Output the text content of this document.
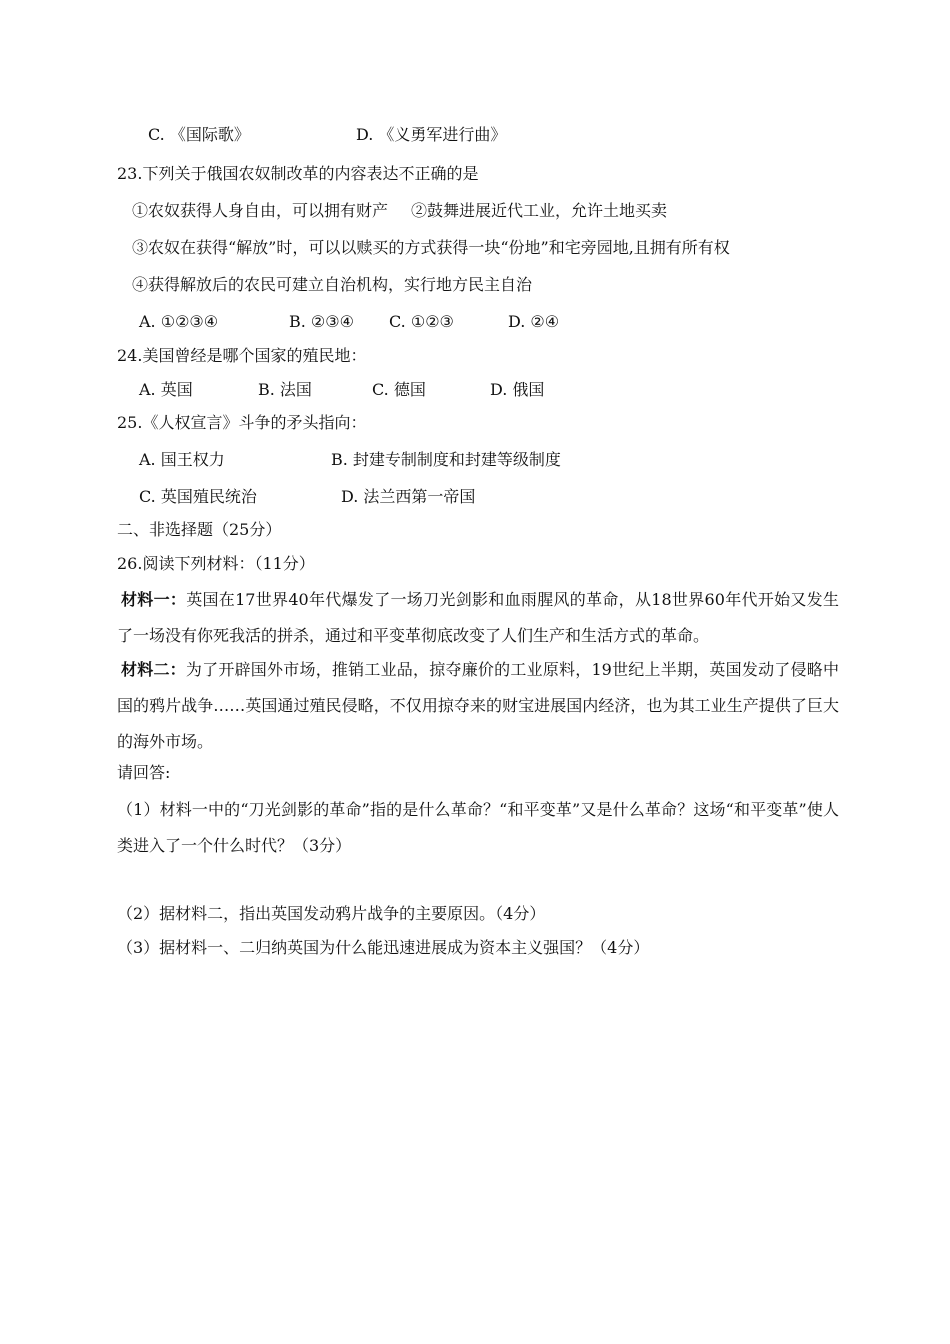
C. 《国际歌》	D. 《义勇军进行曲》
23.下列关于俄国农奴制改革的内容表达不正确的是
①农奴获得人身自由，可以拥有财产 ②鼓舞进展近代工业，允许土地买卖
③农奴在获得“解放”时，可以以赎买的方式获得一块“份地”和宅旁园地,且拥有所有权
④获得解放后的农民可建立自治机构，实行地方民主自治
A. ①②③④	B. ②③④ C. ①②③	D. ②④
24.美国曾经是哪个国家的殖民地：
A. 英国	B. 法国	C. 德国	D. 俄国
25.《人权宣言》斗争的矛头指向：
A. 国王权力	B. 封建专制制度和封建等级制度
C. 英国殖民统治	D. 法兰西第一帝国
二、非选择题（25分）
26.阅读下列材料：（11分）
材料一：英国在17世界40年代爆发了一场刀光剑影和血雨腥风的革命，从18世界60年代开始又发生了一场没有你死我活的拼杀，通过和平变革彻底改变了人们生产和生活方式的革命。
材料二：为了开辟国外市场，推销工业品，掠夺廉价的工业原料，19世纪上半期，英国发动了侵略中国的鸦片战争……英国通过殖民侵略，不仅用掠夺来的财宝进展国内经济，也为其工业生产提供了巨大的海外市场。
请回答:
（1）材料一中的“刀光剑影的革命”指的是什么革命？“和平变革”又是什么革命？这场“和平变革”使人类进入了一个什么时代？（3分）
（2）据材料二，指出英国发动鸦片战争的主要原因。（4分）
（3）据材料一、二归纳英国为什么能迅速进展成为资本主义强国？（4分）
